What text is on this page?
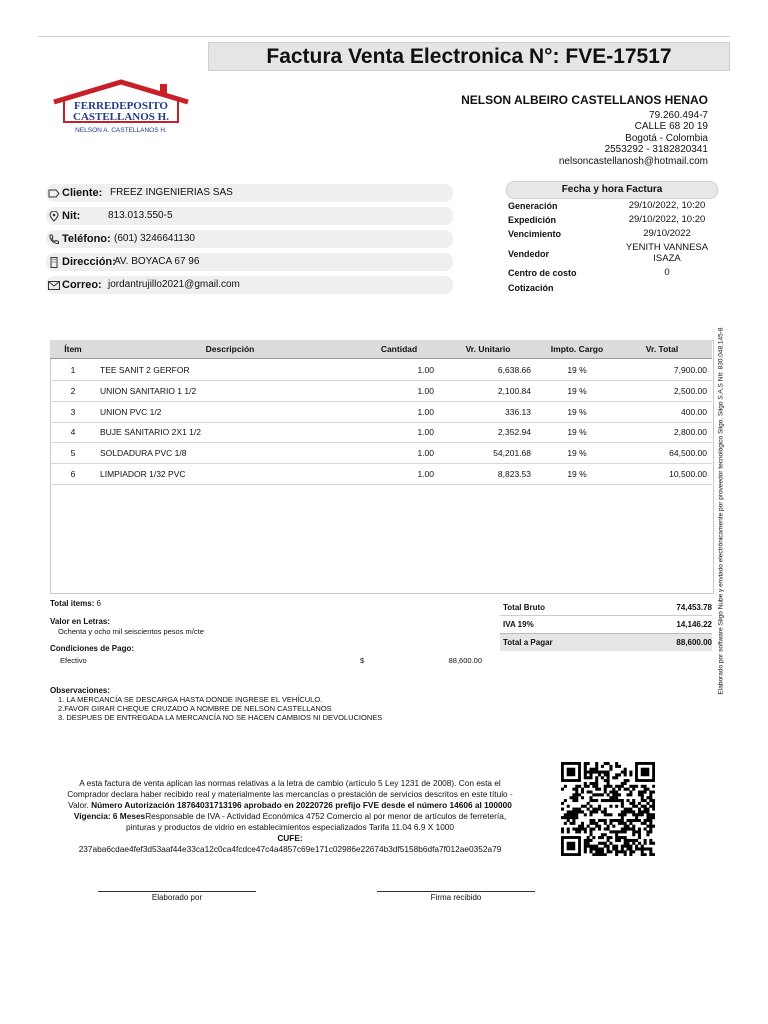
Factura Venta Electronica N°: FVE-17517
FERREDEPOSITO
CASTELLANOS H.
NELSON A. CASTELLANOS H.
NELSON ALBEIRO CASTELLANOS HENAO
79.260.494-7
CALLE 68 20 19
Bogotá - Colombia
2553292 - 3182820341
nelsoncastellanosh@hotmail.com
Cliente: FREEZ INGENIERIAS SAS
Nit:	813.013.550-5
Teléfono: (601) 3246641130
Dirección:
AV. BOYACA 67 96
Correo: jordantrujillo2021@gmail.com
Fecha y hora Factura
Generación	29/10/2022, 10:20
Expedición	29/10/2022, 10:20
Vencimiento	29/10/2022
Vendedor
YENITH VANNESA
ISAZA
Centro de costo	0
Cotización
Elaborado por software Siigo Nube y enviado electrónicamente por proveedor tecnológico Siigo. Siigo S.A.S NIt: 830.048.145-8
Ítem	Descripción	Cantidad	Vr. Unitario	Impto. Cargo	Vr. Total
1	TEE SANIT 2 GERFOR	1.00	6,638.66	19 %	7,900.00
2	UNION SANITARIO 1 1/2	1.00	2,100.84	19 %	2,500.00
3	UNION PVC 1/2	1.00	336.13	19 %	400.00
4	BUJE SANITARIO 2X1 1/2	1.00	2,352.94	19 %	2,800.00
5	SOLDADURA PVC 1/8	1.00	54,201.68	19 %	64,500.00
6	LIMPIADOR 1/32 PVC	1.00	8,823.53	19 %	10,500.00
Total items: 6
Valor en Letras:
Ochenta y ocho mil seiscientos pesos m/cte
Condiciones de Pago:
Efectivo	$	88,600.00
Total Bruto	74,453.78
IVA 19%	14,146.22
Total a Pagar	88,600.00
Observaciones:
1. LA MERCANCÍA SE DESCARGA HASTA DONDE INGRESE EL VEHÍCULO.
2.FAVOR GIRAR CHEQUE CRUZADO A NOMBRE DE NELSON CASTELLANOS
3. DESPUES DE ENTREGADA LA MERCANCÍA NO SE HACEN CAMBIOS NI DEVOLUCIONES
A esta factura de venta aplican las normas relativas a la letra de cambio (artículo 5 Ley 1231 de 2008). Con esta el Comprador declara haber recibido real y materialmente las mercancías o prestación de servicios descritos en este título - Valor. Número Autorización 18764031713196 aprobado en 20220726 prefijo FVE desde el número 14606 al 100000 Vigencia: 6 MesesResponsable de IVA - Actividad Económica 4752 Comercio al por menor de artículos de ferretería, pinturas y productos de vidrio en establecimientos especializados Tarifa 11.04 6.9 X 1000
CUFE:
237aba6cdae4fef3d53aaf44e33ca12c0ca4fcdce47c4a4857c69e171c02986e22674b3df5158b6dfa7f012ae0352a79
Elaborado por	Firma recibido
